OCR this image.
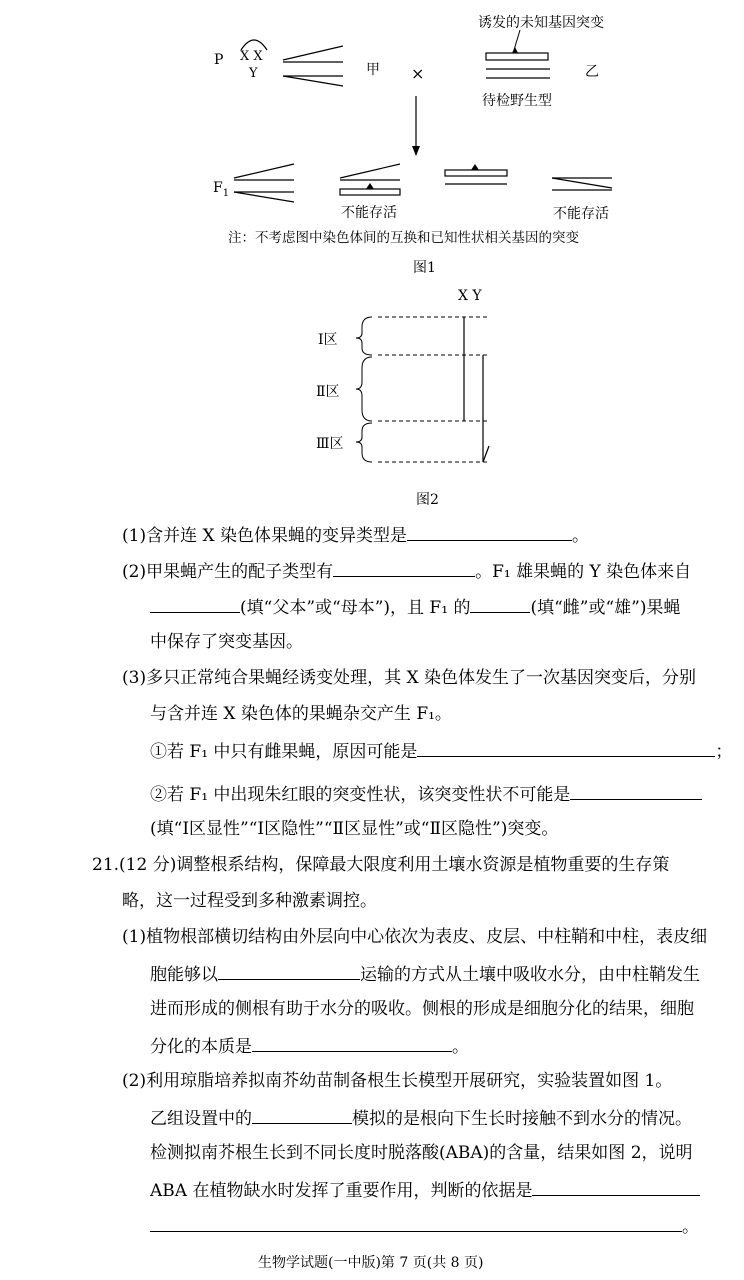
P X X
Y	甲 ×	乙
诱发的未知基因突变
待检野生型
$F_1$
不能存活	不能存活
注：不考虑图中染色体间的互换和已知性状相关基因的突变
图1
X Y
Ⅰ区
Ⅱ区
Ⅲ区
图2
(1)含并连 X 染色体果蝇的变异类型是	。
(2)甲果蝇产生的配子类型有	。F₁ 雄果蝇的 Y 染色体来自
(填“父本”或“母本”)，且 F₁ 的	(填“雌”或“雄”)果蝇
中保存了突变基因。
(3)多只正常纯合果蝇经诱变处理，其 X 染色体发生了一次基因突变后，分别
与含并连 X 染色体的果蝇杂交产生 F₁。
①若 F₁ 中只有雌果蝇，原因可能是	；
②若 F₁ 中出现朱红眼的突变性状，该突变性状不可能是
(填“Ⅰ区显性”“Ⅰ区隐性”“Ⅱ区显性”或“Ⅱ区隐性”)突变。
21.(12 分)调整根系结构，保障最大限度利用土壤水资源是植物重要的生存策
略，这一过程受到多种激素调控。
(1)植物根部横切结构由外层向中心依次为表皮、皮层、中柱鞘和中柱，表皮细
胞能够以	运输的方式从土壤中吸收水分，由中柱鞘发生
进而形成的侧根有助于水分的吸收。侧根的形成是细胞分化的结果，细胞
分化的本质是	。
(2)利用琼脂培养拟南芥幼苗制备根生长模型开展研究，实验装置如图 1。
乙组设置中的	模拟的是根向下生长时接触不到水分的情况。
检测拟南芥根生长到不同长度时脱落酸(ABA)的含量，结果如图 2，说明
ABA 在植物缺水时发挥了重要作用，判断的依据是
。
生物学试题(一中版)第 7 页(共 8 页)
